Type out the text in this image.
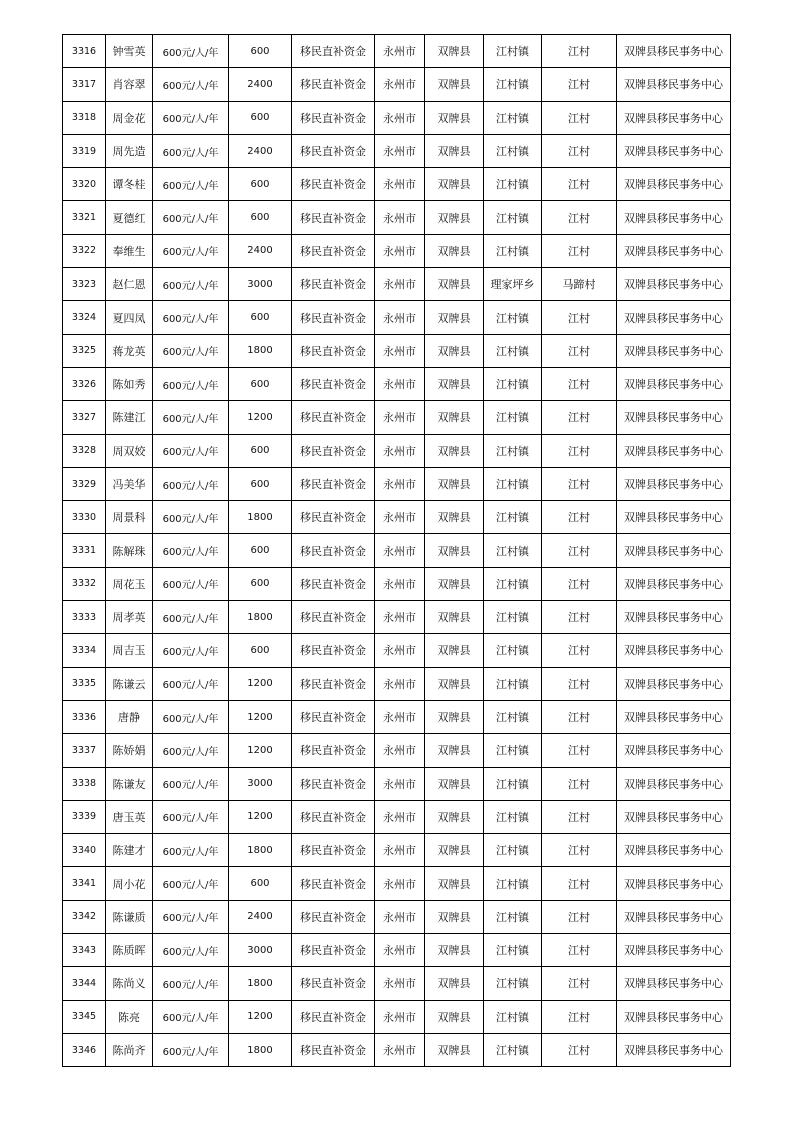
3316	钟雪英	600元/人/年	600	移民直补资金	永州市	双牌县	江村镇	江村	双牌县移民事务中心
3317	肖容翠	600元/人/年	2400	移民直补资金	永州市	双牌县	江村镇	江村	双牌县移民事务中心
3318	周金花	600元/人/年	600	移民直补资金	永州市	双牌县	江村镇	江村	双牌县移民事务中心
3319	周先造	600元/人/年	2400	移民直补资金	永州市	双牌县	江村镇	江村	双牌县移民事务中心
3320	谭冬桂	600元/人/年	600	移民直补资金	永州市	双牌县	江村镇	江村	双牌县移民事务中心
3321	夏德红	600元/人/年	600	移民直补资金	永州市	双牌县	江村镇	江村	双牌县移民事务中心
3322	奉维生	600元/人/年	2400	移民直补资金	永州市	双牌县	江村镇	江村	双牌县移民事务中心
3323	赵仁恩	600元/人/年	3000	移民直补资金	永州市	双牌县	理家坪乡	马蹄村	双牌县移民事务中心
3324	夏四凤	600元/人/年	600	移民直补资金	永州市	双牌县	江村镇	江村	双牌县移民事务中心
3325	蒋龙英	600元/人/年	1800	移民直补资金	永州市	双牌县	江村镇	江村	双牌县移民事务中心
3326	陈如秀	600元/人/年	600	移民直补资金	永州市	双牌县	江村镇	江村	双牌县移民事务中心
3327	陈建江	600元/人/年	1200	移民直补资金	永州市	双牌县	江村镇	江村	双牌县移民事务中心
3328	周双姣	600元/人/年	600	移民直补资金	永州市	双牌县	江村镇	江村	双牌县移民事务中心
3329	冯美华	600元/人/年	600	移民直补资金	永州市	双牌县	江村镇	江村	双牌县移民事务中心
3330	周景科	600元/人/年	1800	移民直补资金	永州市	双牌县	江村镇	江村	双牌县移民事务中心
3331	陈解珠	600元/人/年	600	移民直补资金	永州市	双牌县	江村镇	江村	双牌县移民事务中心
3332	周花玉	600元/人/年	600	移民直补资金	永州市	双牌县	江村镇	江村	双牌县移民事务中心
3333	周孝英	600元/人/年	1800	移民直补资金	永州市	双牌县	江村镇	江村	双牌县移民事务中心
3334	周吉玉	600元/人/年	600	移民直补资金	永州市	双牌县	江村镇	江村	双牌县移民事务中心
3335	陈谦云	600元/人/年	1200	移民直补资金	永州市	双牌县	江村镇	江村	双牌县移民事务中心
3336	唐静	600元/人/年	1200	移民直补资金	永州市	双牌县	江村镇	江村	双牌县移民事务中心
3337	陈娇娟	600元/人/年	1200	移民直补资金	永州市	双牌县	江村镇	江村	双牌县移民事务中心
3338	陈谦友	600元/人/年	3000	移民直补资金	永州市	双牌县	江村镇	江村	双牌县移民事务中心
3339	唐玉英	600元/人/年	1200	移民直补资金	永州市	双牌县	江村镇	江村	双牌县移民事务中心
3340	陈建才	600元/人/年	1800	移民直补资金	永州市	双牌县	江村镇	江村	双牌县移民事务中心
3341	周小花	600元/人/年	600	移民直补资金	永州市	双牌县	江村镇	江村	双牌县移民事务中心
3342	陈谦质	600元/人/年	2400	移民直补资金	永州市	双牌县	江村镇	江村	双牌县移民事务中心
3343	陈质晖	600元/人/年	3000	移民直补资金	永州市	双牌县	江村镇	江村	双牌县移民事务中心
3344	陈尚义	600元/人/年	1800	移民直补资金	永州市	双牌县	江村镇	江村	双牌县移民事务中心
3345	陈亮	600元/人/年	1200	移民直补资金	永州市	双牌县	江村镇	江村	双牌县移民事务中心
3346	陈尚齐	600元/人/年	1800	移民直补资金	永州市	双牌县	江村镇	江村	双牌县移民事务中心
